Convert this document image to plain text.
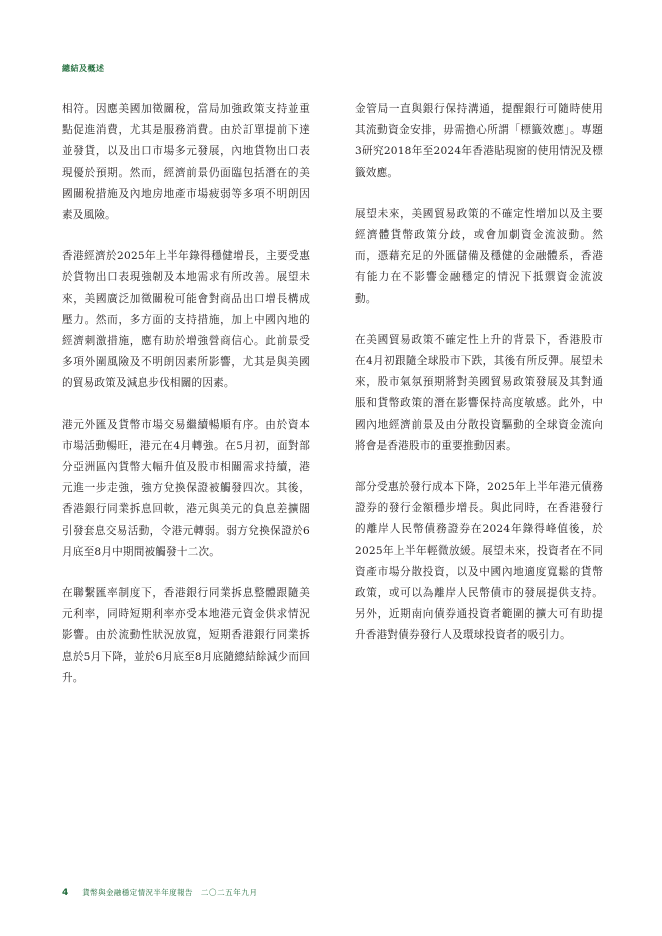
總結及概述

相符。因應美國加徵關稅，當局加強政策支持並重點促進消費，尤其是服務消費。由於訂單提前下達並發貨，以及出口市場多元發展，內地貨物出口表現優於預期。然而，經濟前景仍面臨包括潛在的美國關稅措施及內地房地產市場疲弱等多項不明朗因素及風險。

香港經濟於2025年上半年錄得穩健增長，主要受惠於貨物出口表現強韌及本地需求有所改善。展望未來，美國廣泛加徵關稅可能會對商品出口增長構成壓力。然而，多方面的支持措施，加上中國內地的經濟刺激措施，應有助於增強營商信心。此前景受多項外圍風險及不明朗因素所影響，尤其是與美國的貿易政策及減息步伐相關的因素。

港元外匯及貨幣市場交易繼續暢順有序。由於資本市場活動暢旺，港元在4月轉強。在5月初，面對部分亞洲區內貨幣大幅升值及股市相關需求持續，港元進一步走強，強方兌換保證被觸發四次。其後，香港銀行同業拆息回軟，港元與美元的負息差擴闊引發套息交易活動，令港元轉弱。弱方兌換保證於6月底至8月中期間被觸發十二次。

在聯繫匯率制度下，香港銀行同業拆息整體跟隨美元利率，同時短期利率亦受本地港元資金供求情況影響。由於流動性狀況放寬，短期香港銀行同業拆息於5月下降，並於6月底至8月底隨總結餘減少而回升。

金管局一直與銀行保持溝通，提醒銀行可隨時使用其流動資金安排，毋需擔心所謂「標籤效應」。專題3研究2018年至2024年香港貼現窗的使用情況及標籤效應。

展望未來，美國貿易政策的不確定性增加以及主要經濟體貨幣政策分歧，或會加劇資金流波動。然而，憑藉充足的外匯儲備及穩健的金融體系，香港有能力在不影響金融穩定的情況下抵禦資金流波動。

在美國貿易政策不確定性上升的背景下，香港股市在4月初跟隨全球股市下跌，其後有所反彈。展望未來，股市氣氛預期將對美國貿易政策發展及其對通脹和貨幣政策的潛在影響保持高度敏感。此外，中國內地經濟前景及由分散投資驅動的全球資金流向將會是香港股市的重要推動因素。

部分受惠於發行成本下降，2025年上半年港元債務證券的發行金額穩步增長。與此同時，在香港發行的離岸人民幣債務證券在2024年錄得峰值後，於2025年上半年輕微放緩。展望未來，投資者在不同資產市場分散投資，以及中國內地適度寬鬆的貨幣政策，或可以為離岸人民幣債市的發展提供支持。另外，近期南向債券通投資者範圍的擴大可有助提升香港對債券發行人及環球投資者的吸引力。

4 貨幣與金融穩定情況半年度報告 二〇二五年九月
